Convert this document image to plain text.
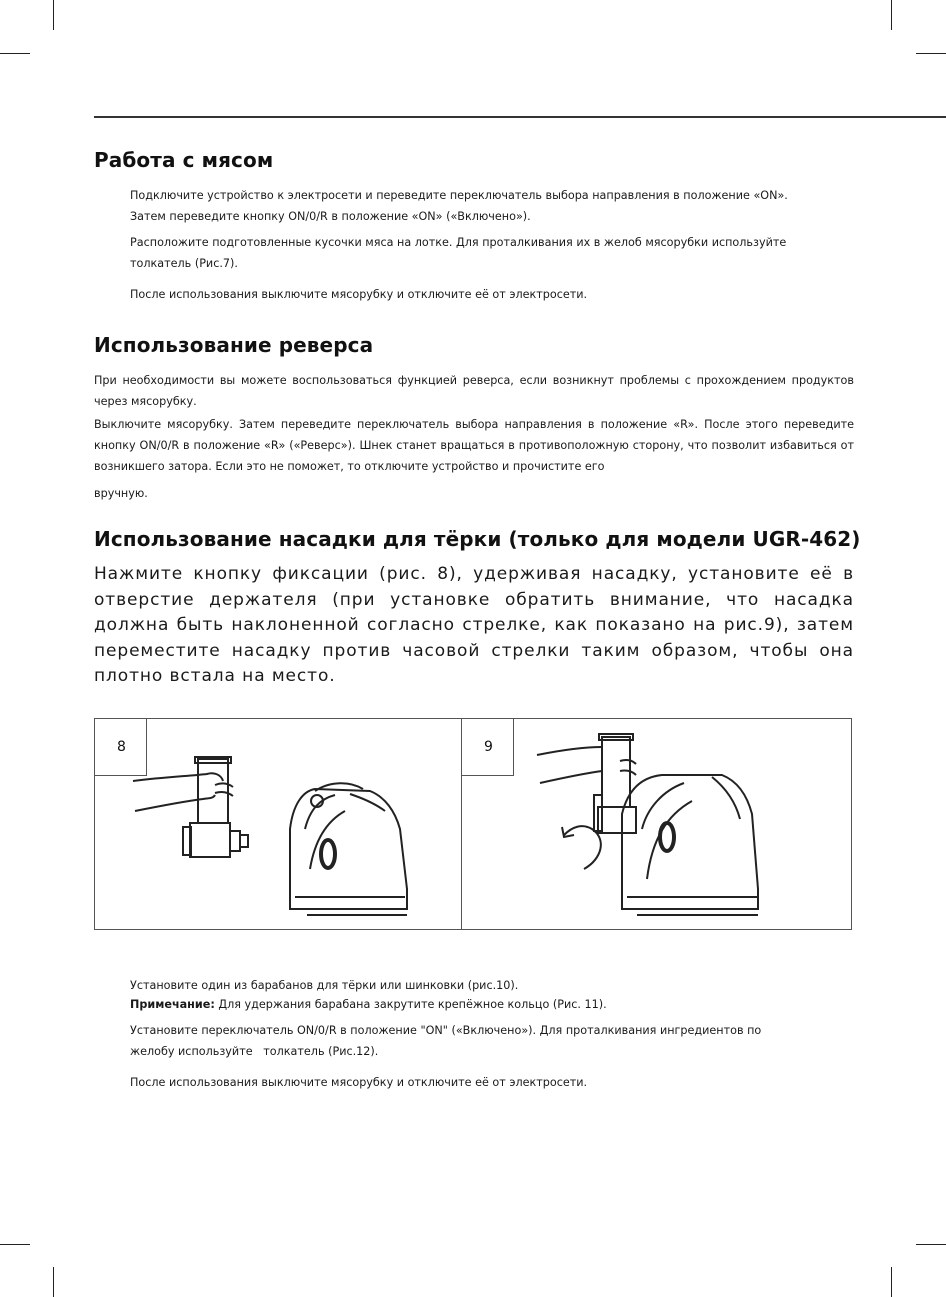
Работа с мясом

Подключите устройство к электросети и переведите переключатель выбора направления в положение «ON».
Затем переведите кнопку ON/0/R в положение «ON» («Включено»).

Расположите подготовленные кусочки мяса на лотке. Для проталкивания их в желоб мясорубки используйте
толкатель (Рис.7).

После использования выключите мясорубку и отключите её от электросети.

Использование реверса

При необходимости вы можете воспользоваться функцией реверса, если возникнут проблемы с прохождением продуктов через мясорубку.

Выключите мясорубку. Затем переведите переключатель выбора направления в положение «R». После этого переведите кнопку ON/0/R в положение «R» («Реверс»). Шнек станет вращаться в противоположную сторону, что позволит избавиться от возникшего затора. Если это не поможет, то отключите устройство и прочистите его

вручную.

Использование насадки для тёрки (только для модели UGR-462)

Нажмите кнопку фиксации (рис. 8), удерживая насадку, установите её в отверстие держателя (при установке обратить внимание, что насадка должна быть наклоненной согласно стрелке, как показано на рис.9), затем переместите насадку против часовой стрелки таким образом, чтобы она плотно встала на место.

8	9

Установите один из барабанов для тёрки или шинковки (рис.10).

Примечание: Для удержания барабана закрутите крепёжное кольцо (Рис. 11).

Установите переключатель ON/0/R в положение "ON" («Включено»). Для проталкивания ингредиентов по
желобу используйте   толкатель (Рис.12).

После использования выключите мясорубку и отключите её от электросети.
